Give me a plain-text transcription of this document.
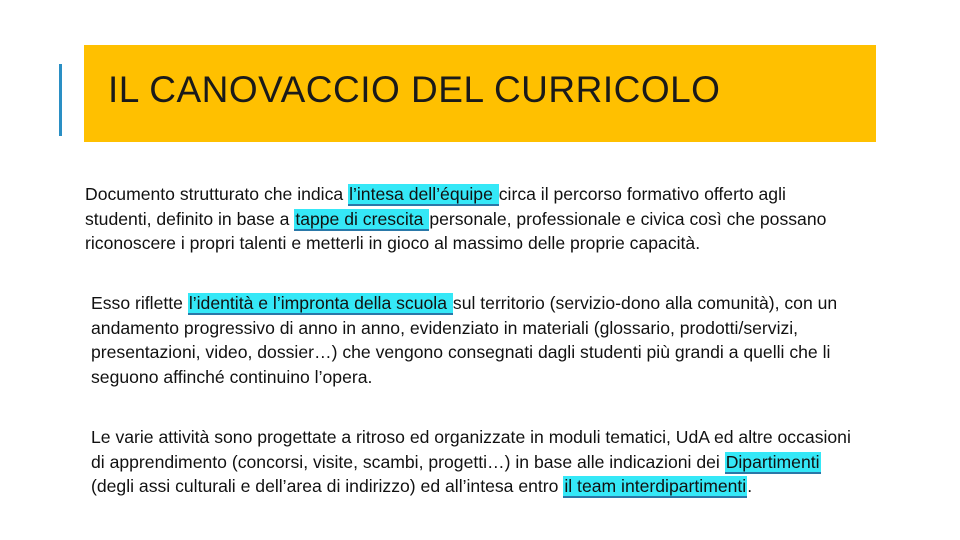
IL CANOVACCIO DEL CURRICOLO

Documento strutturato che indica l’intesa dell’équipe circa il percorso formativo offerto agli studenti, definito in base a tappe di crescita personale, professionale e civica così che possano riconoscere i propri talenti e metterli in gioco al massimo delle proprie capacità.

Esso riflette l’identità e l’impronta della scuola sul territorio (servizio-dono alla comunità), con un andamento progressivo di anno in anno, evidenziato in materiali (glossario, prodotti/servizi, presentazioni, video, dossier…) che vengono consegnati dagli studenti più grandi a quelli che li seguono affinché continuino l’opera.

Le varie attività sono progettate a ritroso ed organizzate in moduli tematici, UdA ed altre occasioni di apprendimento (concorsi, visite, scambi, progetti…) in base alle indicazioni dei Dipartimenti (degli assi culturali e dell’area di indirizzo) ed all’intesa entro il team interdipartimenti.
